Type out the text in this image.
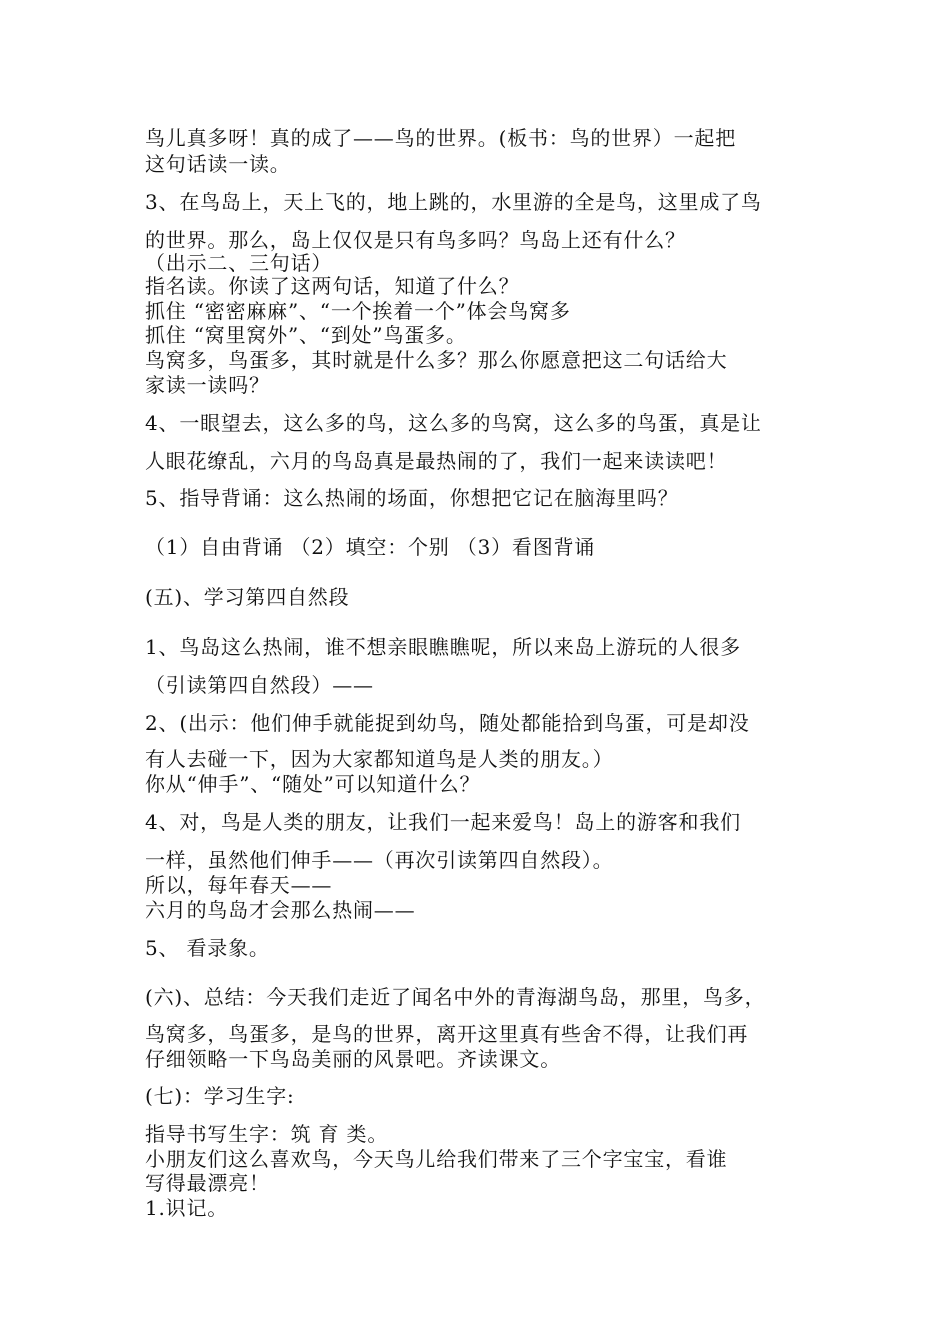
鸟儿真多呀！真的成了——鸟的世界。(板书：鸟的世界）一起把
这句话读一读。
3、在鸟岛上，天上飞的，地上跳的，水里游的全是鸟，这里成了鸟
的世界。那么，岛上仅仅是只有鸟多吗？鸟岛上还有什么？
（出示二、三句话）
指名读。你读了这两句话，知道了什么？
抓住 “密密麻麻”、“一个挨着一个”体会鸟窝多
抓住 “窝里窝外”、“到处”鸟蛋多。
鸟窝多，鸟蛋多，其时就是什么多？那么你愿意把这二句话给大
家读一读吗？
4、一眼望去，这么多的鸟，这么多的鸟窝，这么多的鸟蛋，真是让
人眼花缭乱，六月的鸟岛真是最热闹的了，我们一起来读读吧！
5、指导背诵：这么热闹的场面，你想把它记在脑海里吗？
（1）自由背诵 （2）填空：个别 （3）看图背诵
(五)、学习第四自然段
1、鸟岛这么热闹，谁不想亲眼瞧瞧呢，所以来岛上游玩的人很多
（引读第四自然段）——
2、(出示：他们伸手就能捉到幼鸟，随处都能拾到鸟蛋，可是却没
有人去碰一下，因为大家都知道鸟是人类的朋友。）
你从“伸手”、“随处”可以知道什么？
4、对，鸟是人类的朋友，让我们一起来爱鸟！岛上的游客和我们
一样，虽然他们伸手——（再次引读第四自然段）。
所以，每年春天——
六月的鸟岛才会那么热闹——
5、 看录象。
(六)、总结：今天我们走近了闻名中外的青海湖鸟岛，那里，鸟多，
鸟窝多，鸟蛋多，是鸟的世界，离开这里真有些舍不得，让我们再
仔细领略一下鸟岛美丽的风景吧。齐读课文。
(七)：学习生字:
指导书写生字：筑 育 类。
小朋友们这么喜欢鸟，今天鸟儿给我们带来了三个字宝宝，看谁
写得最漂亮！
1.识记。
